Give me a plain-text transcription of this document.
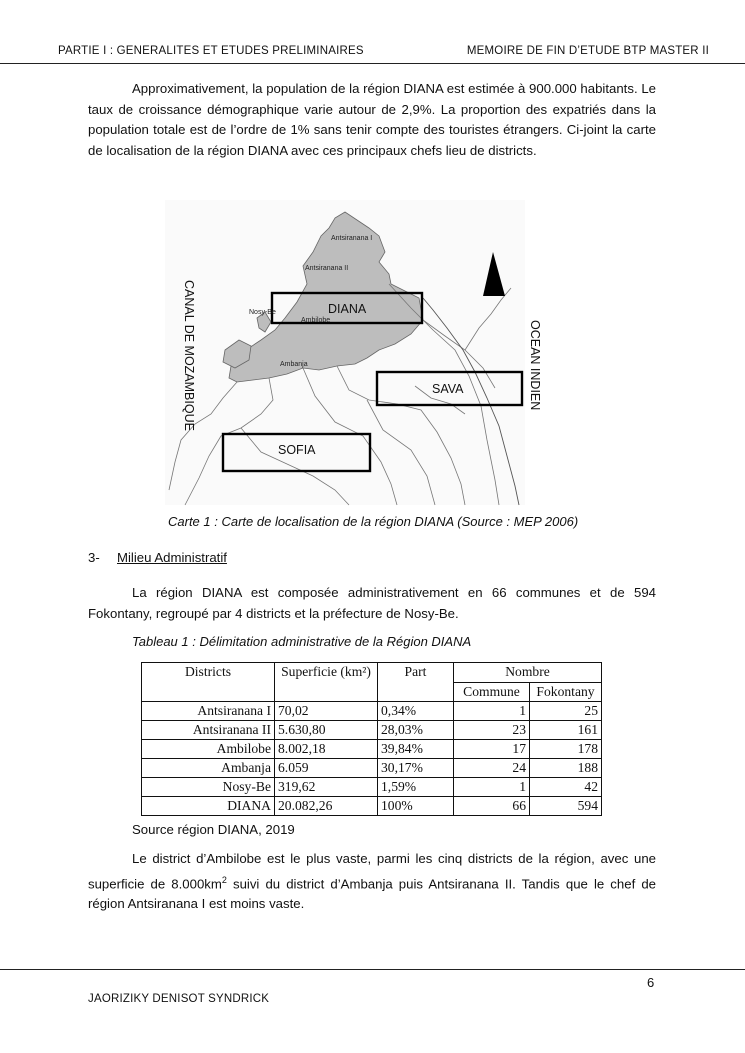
PARTIE I : GENERALITES ET ETUDES PRELIMINAIRES	MEMOIRE DE FIN D’ETUDE BTP MASTER II

Approximativement, la population de la région DIANA est estimée à 900.000 habitants. Le taux de croissance démographique varie autour de 2,9%. La proportion des expatriés dans la population totale est de l’ordre de 1% sans tenir compte des touristes étrangers. Ci-joint la carte de localisation de la région DIANA avec ces principaux chefs lieu de districts.

DIANA
SAVA
SOFIA
Antsiranana I
Antsiranana II
Nosy-Be
Ambilobe
Ambanja
CANAL DE MOZAMBIQUE	OCEAN INDIEN
Carte 1 : Carte de localisation de la région DIANA (Source : MEP 2006)
3- Milieu Administratif

La région DIANA est composée administrativement en 66 communes et de 594 Fokontany, regroupé par 4 districts et la préfecture de Nosy-Be.

Tableau 1 : Délimitation administrative de la Région DIANA
Districts	Superficie (km²)	Part	Nombre	
			Commune	Fokontany
Antsiranana I	70,02	0,34%	1	25
Antsiranana II	5.630,80	28,03%	23	161
Ambilobe	8.002,18	39,84%	17	178
Ambanja	6.059	30,17%	24	188
Nosy-Be	319,62	1,59%	1	42
DIANA	20.082,26	100%	66	594
Source région DIANA, 2019

Le district d’Ambilobe est le plus vaste, parmi les cinq districts de la région, avec une superficie de $8.000km^2$ suivi du district d’Ambanja puis Antsiranana II. Tandis que le chef de région Antsiranana I est moins vaste.

6
JAORIZIKY DENISOT SYNDRICK
